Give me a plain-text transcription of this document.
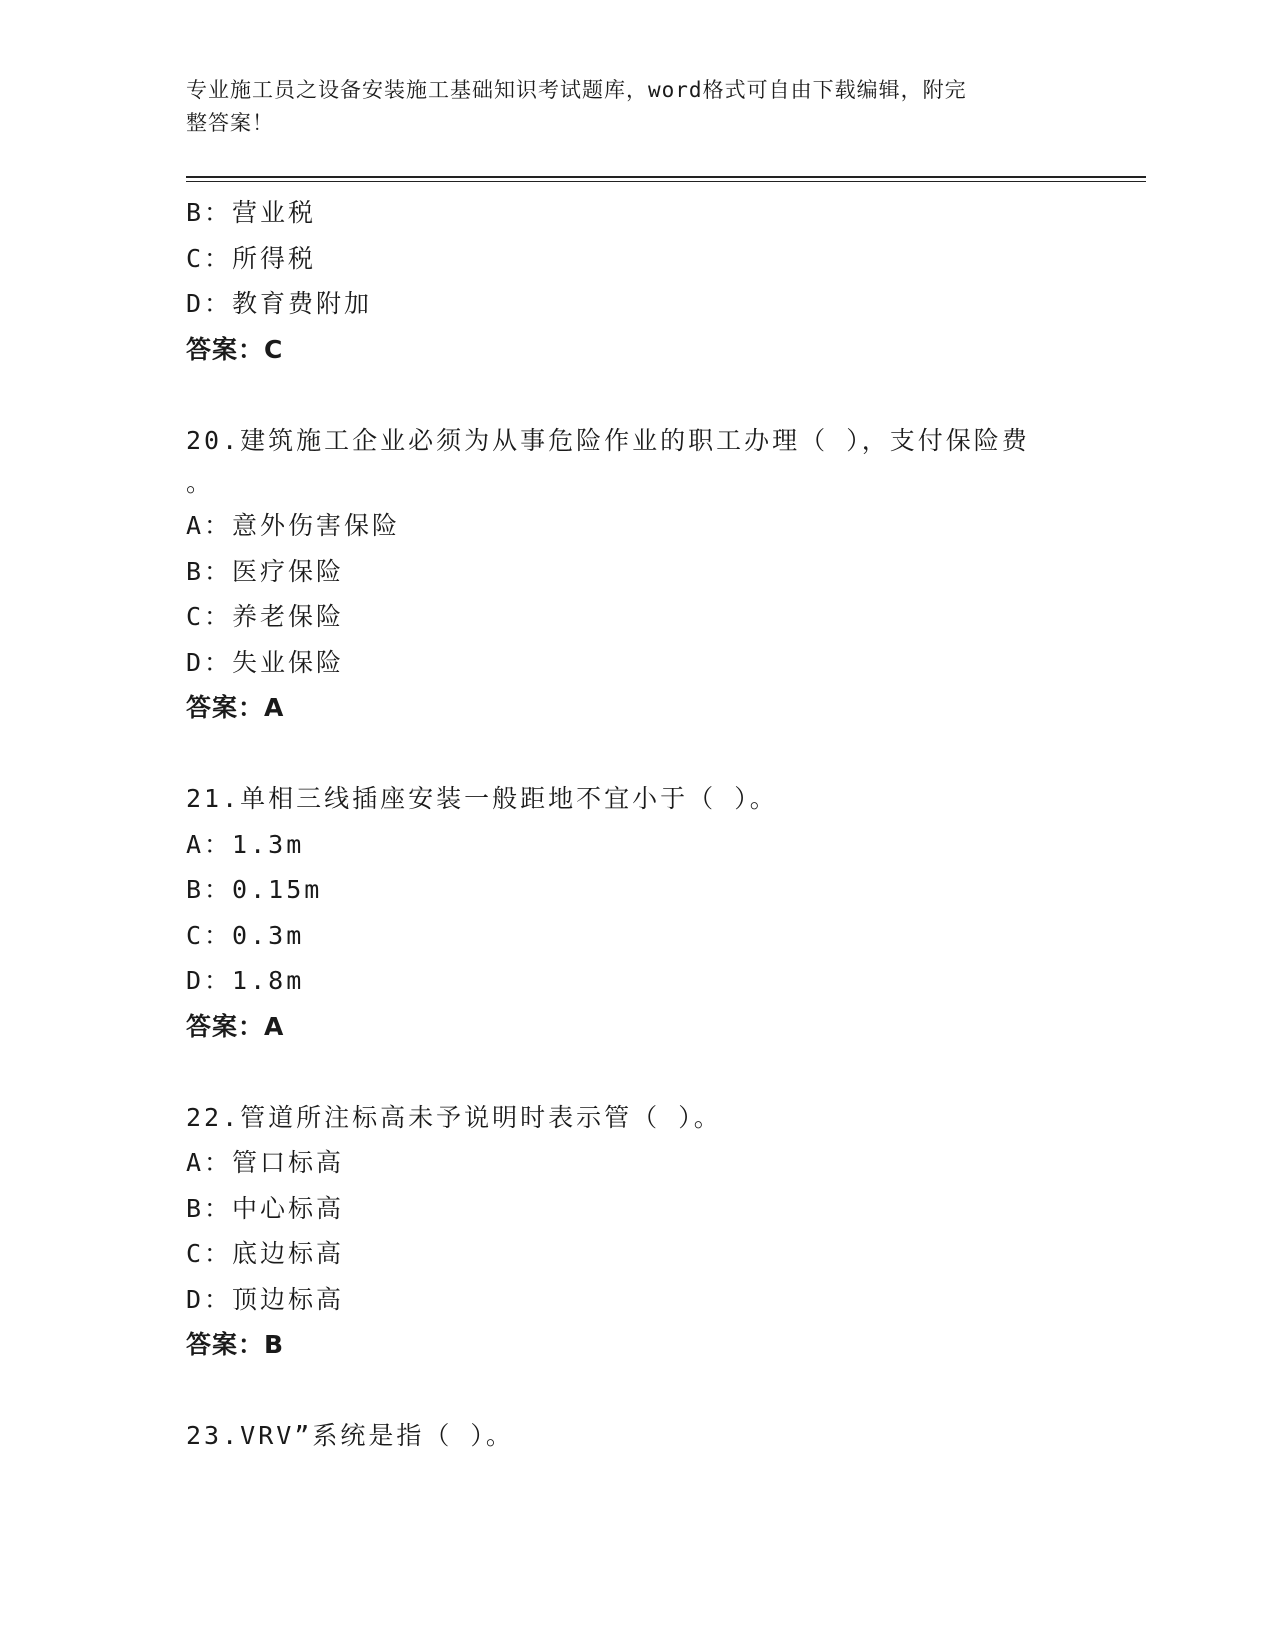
专业施工员之设备安装施工基础知识考试题库，word格式可自由下载编辑，附完
整答案！
B：营业税
C：所得税
D：教育费附加
答案：C
20.建筑施工企业必须为从事危险作业的职工办理（ ），支付保险费
。
A：意外伤害保险
B：医疗保险
C：养老保险
D：失业保险
答案：A
21.单相三线插座安装一般距地不宜小于（ ）。
A：1.3m
B：0.15m
C：0.3m
D：1.8m
答案：A
22.管道所注标高未予说明时表示管（ ）。
A：管口标高
B：中心标高
C：底边标高
D：顶边标高
答案：B
23.VRV”系统是指（ ）。
